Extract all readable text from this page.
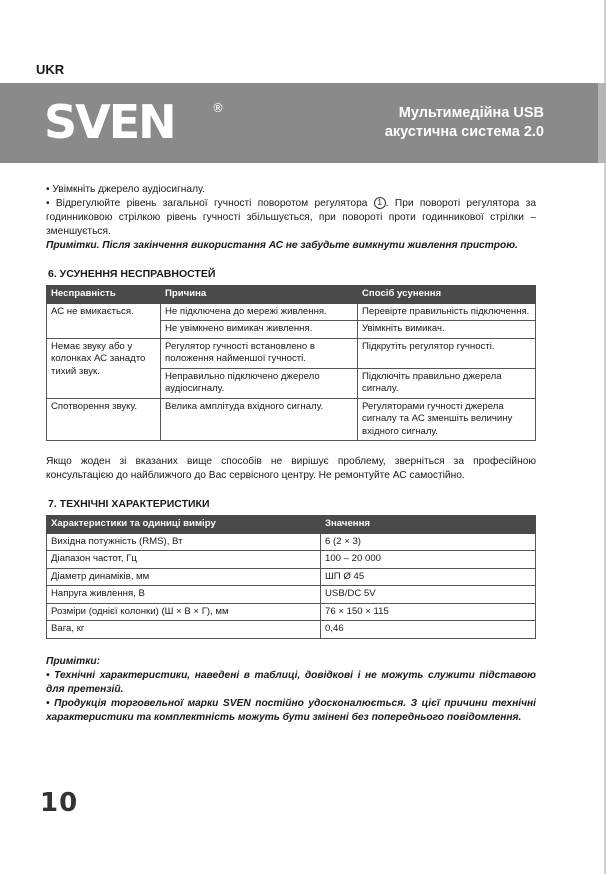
UKR
SVEN	®	Мультимедійна USB
акустична система 2.0

• Увімкніть джерело аудіосигналу.

• Відрегулюйте рівень загальної гучності поворотом регулятора 1 . При повороті регулятора за годинниковою стрілкою рівень гучності збільшується, при повороті проти годинникової стрілки – зменшується.

Примітки. Після закінчення використання АС не забудьте вимкнути живлення пристрою.

6. УСУНЕННЯ НЕСПРАВНОСТЕЙ
Несправність	Причина	Спосіб усунення
АС не вмикається.	Не підключена до мережі живлення.	Перевірте правильність підключення.
	Не увімкнено вимикач живлення.	Увімкніть вимикач.
Немає звуку або у колонках АС занадто тихий звук.	Регулятор гучності встановлено в положення найменшої гучності.	Підкрутіть регулятор гучності.
	Неправильно підключено джерело аудіосигналу.	Підключіть правильно джерела сигналу.
Спотворення звуку.	Велика амплітуда вхідного сигналу.	Регуляторами гучності джерела сигналу та АС зменшіть величину вхідного сигналу.

Якщо жоден зі вказаних вище способів не вирішує проблему, зверніться за професійною консультацією до найближчого до Вас сервісного центру. Не ремонтуйте АС самостійно.

7. ТЕХНІЧНІ ХАРАКТЕРИСТИКИ
Характеристики та одиниці виміру	Значення
Вихідна потужність (RMS), Вт	6 (2 × 3)
Діапазон частот, Гц	100 – 20 000
Діаметр динаміків, мм	ШП Ø 45
Напруга живлення, В	USB/DC 5V
Розміри (однієї колонки) (Ш × В × Г), мм	76 × 150 × 115
Вага, кг	0,46

Примітки:

• Технічні характеристики, наведені в таблиці, довідкові і не можуть служити підставою для претензій.

• Продукція торговельної марки SVEN постійно удосконалюється. З цієї причини технічні характеристики та комплектність можуть бути змінені без попереднього повідомлення.

10
